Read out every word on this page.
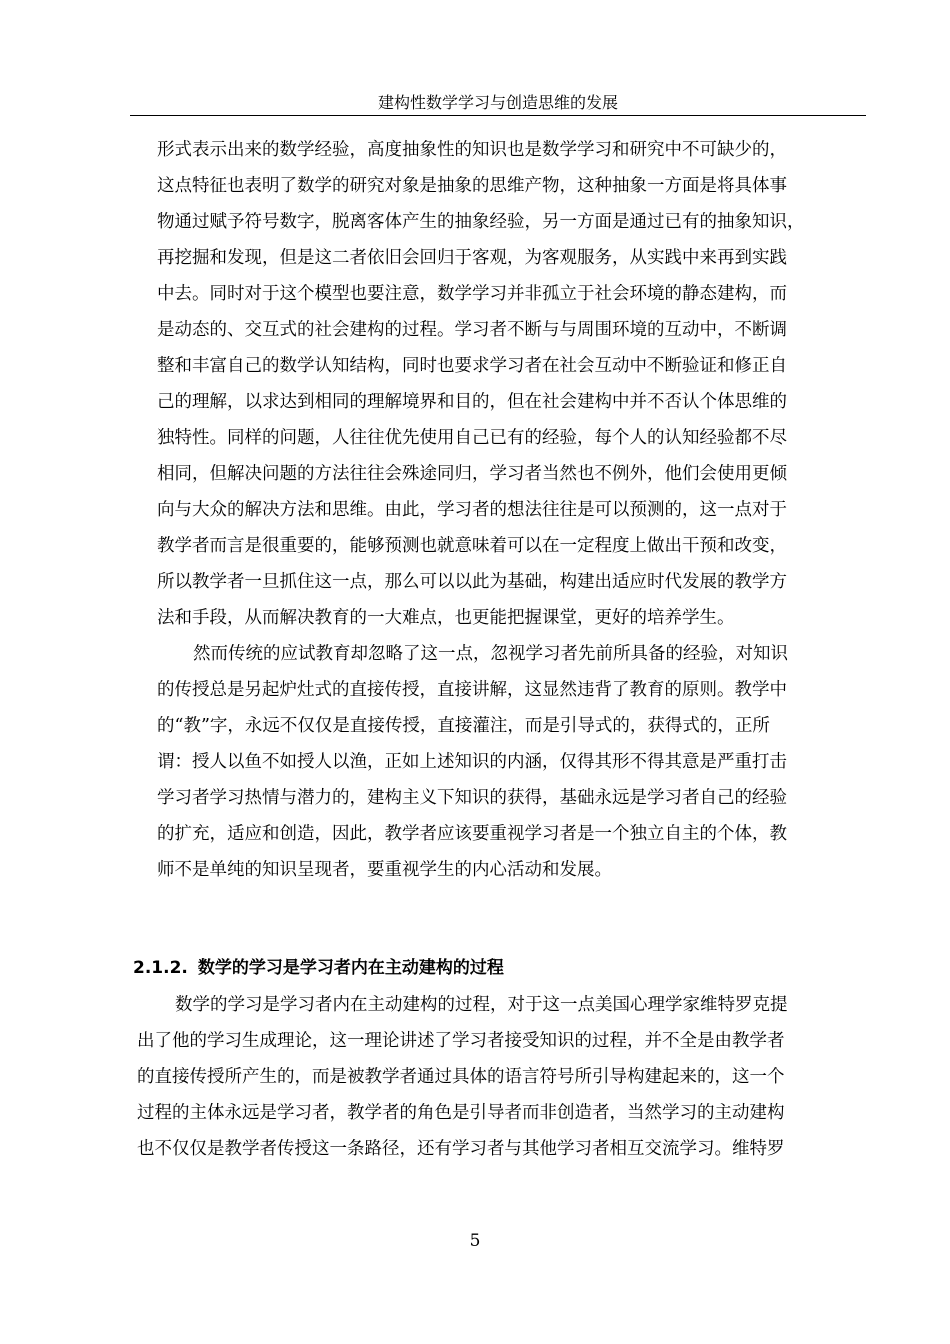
建构性数学学习与创造思维的发展
形式表示出来的数学经验，高度抽象性的知识也是数学学习和研究中不可缺少的，
这点特征也表明了数学的研究对象是抽象的思维产物，这种抽象一方面是将具体事
物通过赋予符号数字，脱离客体产生的抽象经验，另一方面是通过已有的抽象知识，
再挖掘和发现，但是这二者依旧会回归于客观，为客观服务，从实践中来再到实践
中去。同时对于这个模型也要注意，数学学习并非孤立于社会环境的静态建构，而
是动态的、交互式的社会建构的过程。学习者不断与与周围环境的互动中，不断调
整和丰富自己的数学认知结构，同时也要求学习者在社会互动中不断验证和修正自
己的理解，以求达到相同的理解境界和目的，但在社会建构中并不否认个体思维的
独特性。同样的问题，人往往优先使用自己已有的经验，每个人的认知经验都不尽
相同，但解决问题的方法往往会殊途同归，学习者当然也不例外，他们会使用更倾
向与大众的解决方法和思维。由此，学习者的想法往往是可以预测的，这一点对于
教学者而言是很重要的，能够预测也就意味着可以在一定程度上做出干预和改变，
所以教学者一旦抓住这一点，那么可以以此为基础，构建出适应时代发展的教学方
法和手段，从而解决教育的一大难点，也更能把握课堂，更好的培养学生。
然而传统的应试教育却忽略了这一点，忽视学习者先前所具备的经验，对知识
的传授总是另起炉灶式的直接传授，直接讲解，这显然违背了教育的原则。教学中
的“教”字，永远不仅仅是直接传授，直接灌注，而是引导式的，获得式的，正所
谓：授人以鱼不如授人以渔，正如上述知识的内涵，仅得其形不得其意是严重打击
学习者学习热情与潜力的，建构主义下知识的获得，基础永远是学习者自己的经验
的扩充，适应和创造，因此，教学者应该要重视学习者是一个独立自主的个体，教
师不是单纯的知识呈现者，要重视学生的内心活动和发展。
2.1.2. 数学的学习是学习者内在主动建构的过程
数学的学习是学习者内在主动建构的过程，对于这一点美国心理学家维特罗克提
出了他的学习生成理论，这一理论讲述了学习者接受知识的过程，并不全是由教学者
的直接传授所产生的，而是被教学者通过具体的语言符号所引导构建起来的，这一个
过程的主体永远是学习者，教学者的角色是引导者而非创造者，当然学习的主动建构
也不仅仅是教学者传授这一条路径，还有学习者与其他学习者相互交流学习。维特罗
5
